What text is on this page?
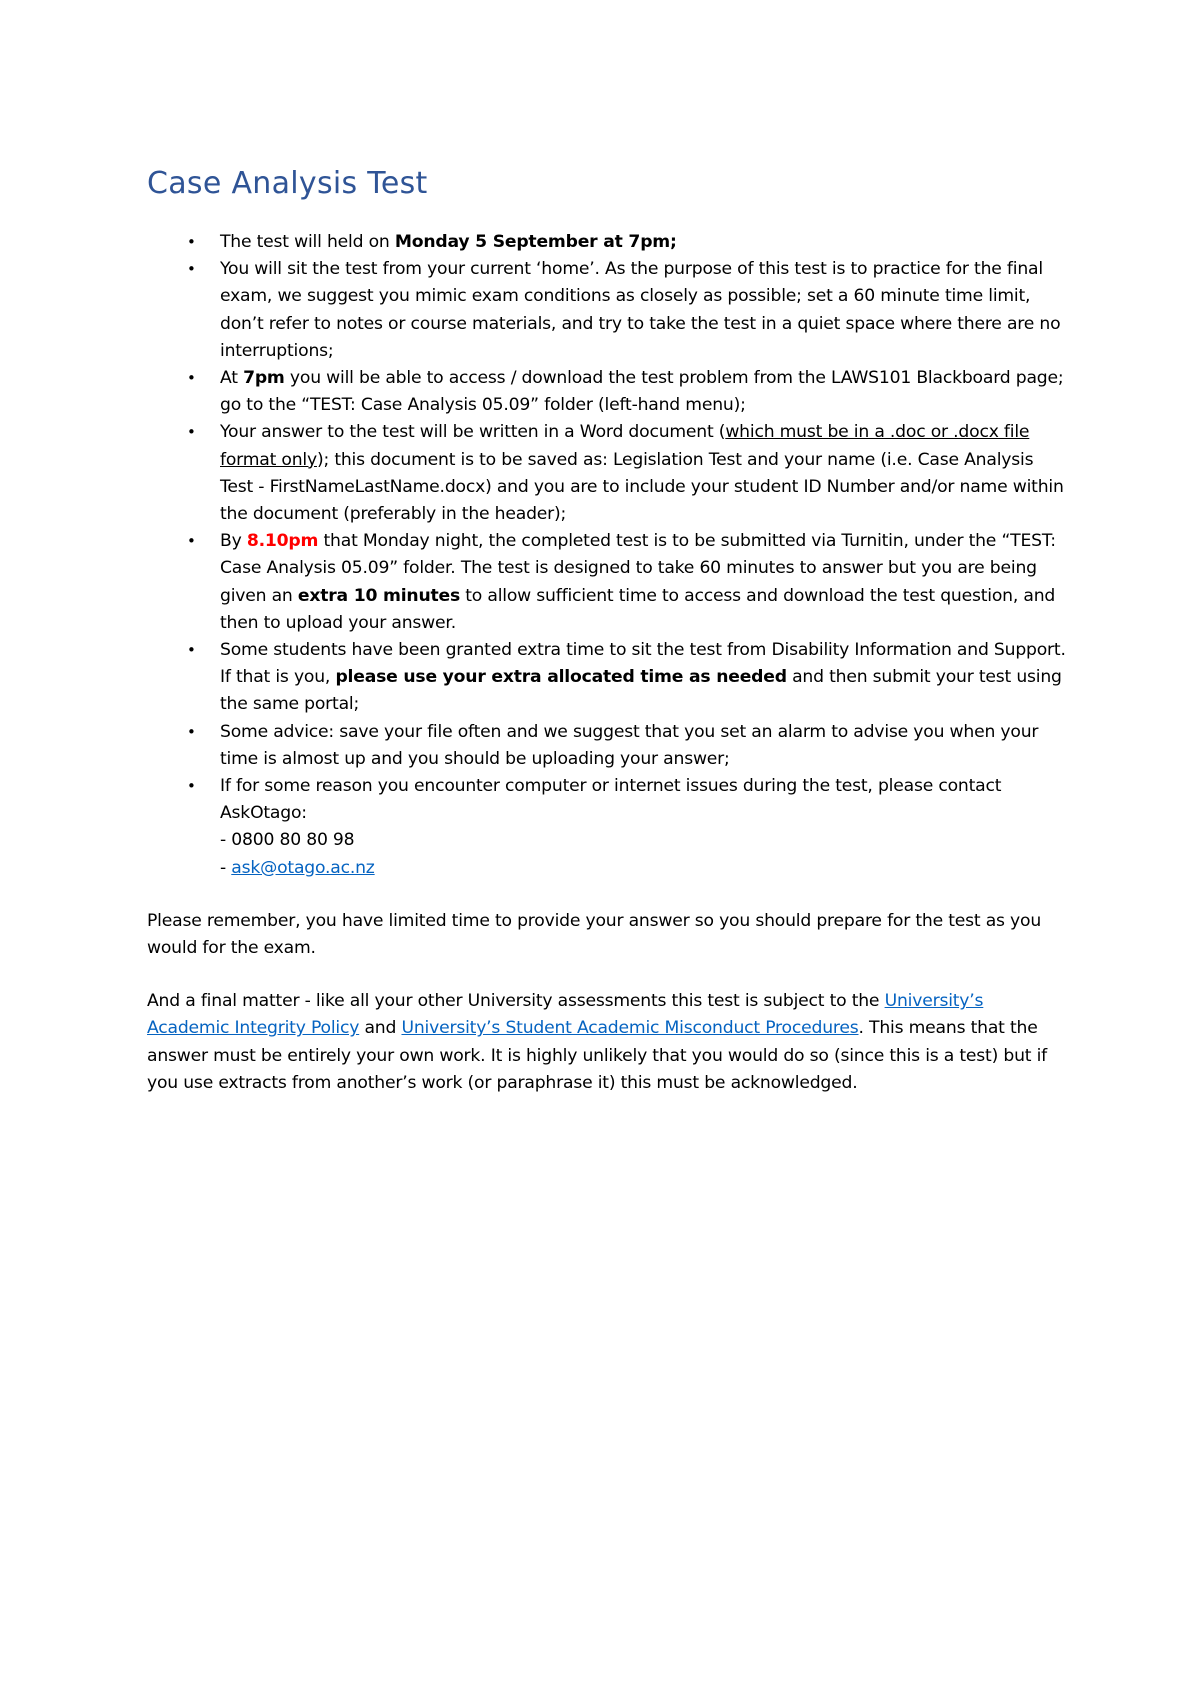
Case Analysis Test
• The test will held on Monday 5 September at 7pm;
• You will sit the test from your current ‘home’. As the purpose of this test is to practice for the final exam, we suggest you mimic exam conditions as closely as possible; set a 60 minute time limit, don’t refer to notes or course materials, and try to take the test in a quiet space where there are no interruptions;
• At 7pm you will be able to access / download the test problem from the LAWS101 Blackboard page; go to the “TEST: Case Analysis 05.09” folder (left-hand menu);
• Your answer to the test will be written in a Word document (which must be in a .doc or .docx file format only); this document is to be saved as: Legislation Test and your name (i.e. Case Analysis Test - FirstNameLastName.docx) and you are to include your student ID Number and/or name within the document (preferably in the header);
• By 8.10pm that Monday night, the completed test is to be submitted via Turnitin, under the “TEST: Case Analysis 05.09” folder. The test is designed to take 60 minutes to answer but you are being given an extra 10 minutes to allow sufficient time to access and download the test question, and then to upload your answer.
• Some students have been granted extra time to sit the test from Disability Information and Support. If that is you, please use your extra allocated time as needed and then submit your test using the same portal;
• Some advice: save your file often and we suggest that you set an alarm to advise you when your time is almost up and you should be uploading your answer;
• If for some reason you encounter computer or internet issues during the test, please contact AskOtago:
- 0800 80 80 98
- ask@otago.ac.nz

Please remember, you have limited time to provide your answer so you should prepare for the test as you would for the exam.

And a final matter - like all your other University assessments this test is subject to the University’s Academic Integrity Policy and University’s Student Academic Misconduct Procedures. This means that the answer must be entirely your own work. It is highly unlikely that you would do so (since this is a test) but if you use extracts from another’s work (or paraphrase it) this must be acknowledged.
